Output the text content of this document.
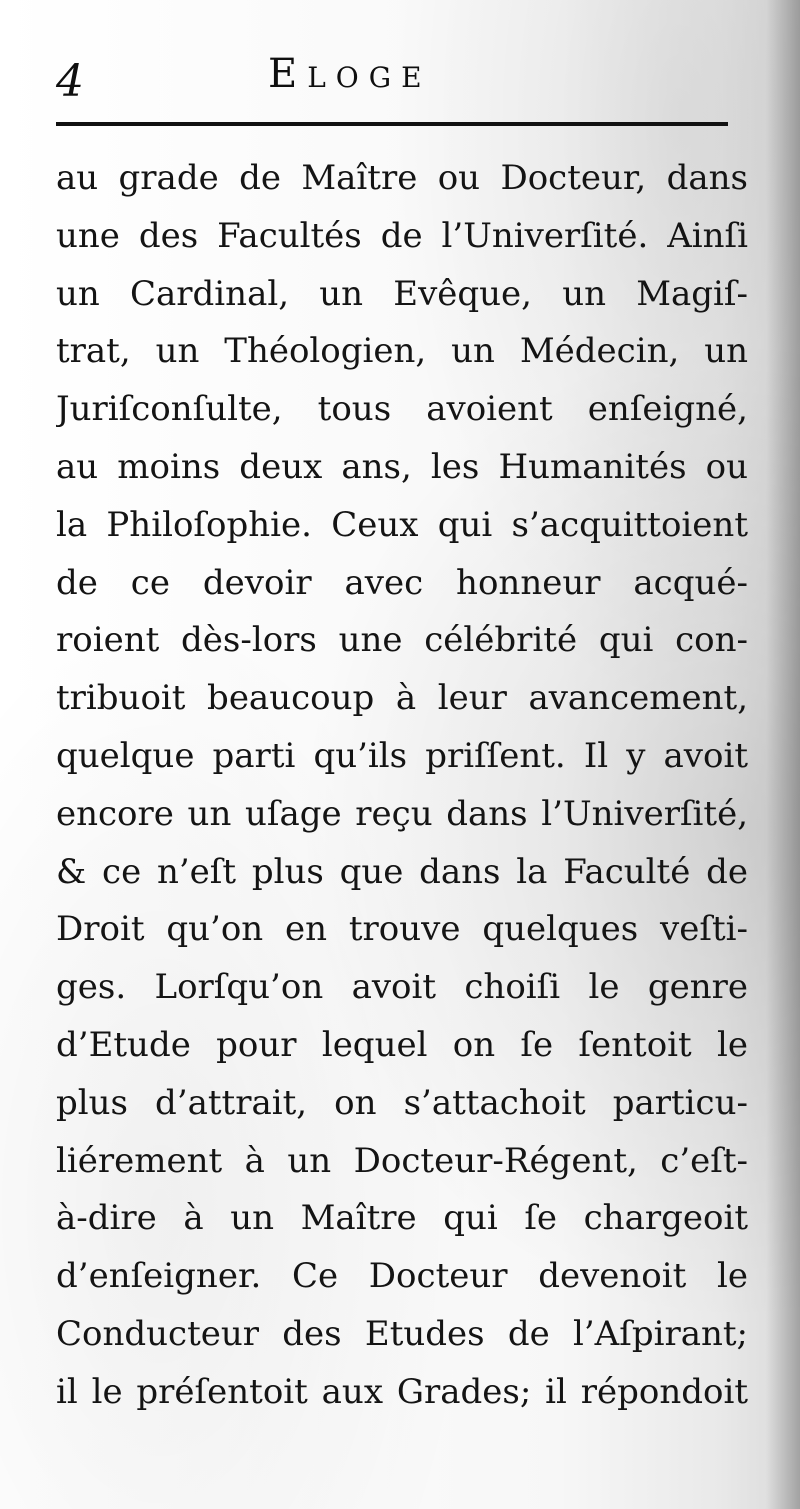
4	Eloge
au grade de Maître ou Docteur, dans
une des Facultés de l’Univerſité. Ainſi
un Cardinal, un Evêque, un Magiſ-
trat, un Théologien, un Médecin, un
Juriſconſulte, tous avoient enſeigné,
au moins deux ans, les Humanités ou
la Philoſophie. Ceux qui s’acquittoient
de ce devoir avec honneur acqué-
roient dès-lors une célébrité qui con-
tribuoit beaucoup à leur avancement,
quelque parti qu’ils priſſent. Il y avoit
encore un uſage reçu dans l’Univerſité,
& ce n’eſt plus que dans la Faculté de
Droit qu’on en trouve quelques veſti-
ges. Lorſqu’on avoit choiſi le genre
d’Etude pour lequel on ſe ſentoit le
plus d’attrait, on s’attachoit particu-
liérement à un Docteur-Régent, c’eſt-
à-dire à un Maître qui ſe chargeoit
d’enſeigner. Ce Docteur devenoit le
Conducteur des Etudes de l’Aſpirant;
il le préſentoit aux Grades; il répondoit
